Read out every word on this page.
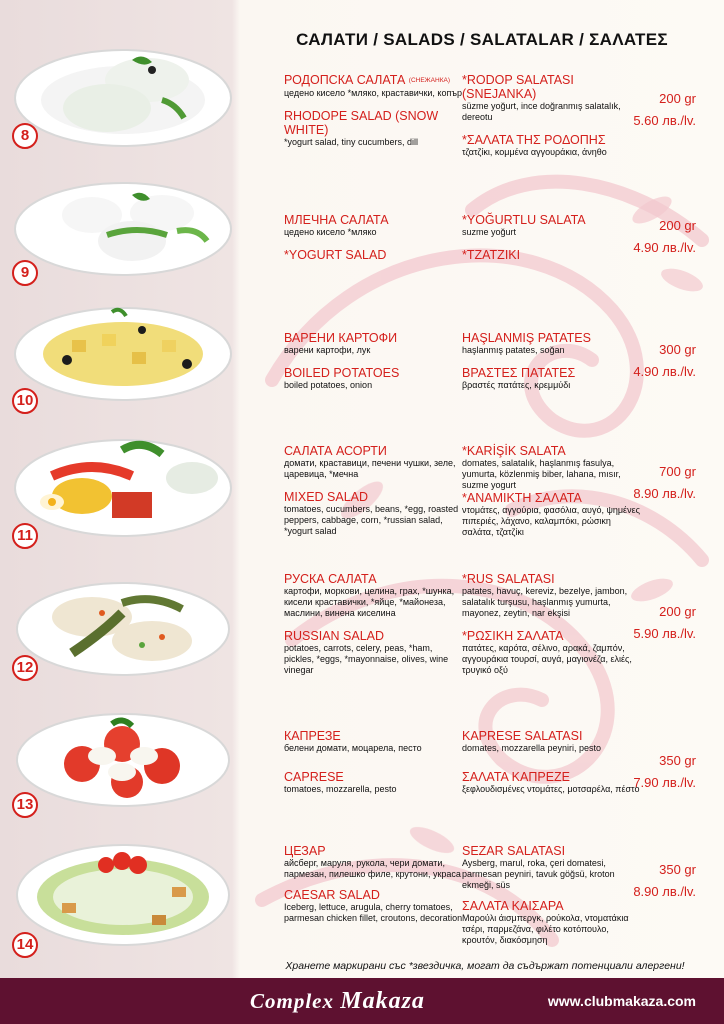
САЛАТИ / SALADS / SALATALAR / ΣΑΛΑΤΕΣ
8
РОДОПСКА САЛАТА (СНЕЖАНКА)
цедено кисело *мляко, краставички, копър
RHODOPE SALAD (SNOW WHITE)
*yogurt salad, tiny cucumbers, dill
*RODOP SALATASI (SNEJANKA)
süzme yoğurt, ince doğranmış salatalık, dereotu
*ΣΑΛΑΤΑ ΤΗΣ ΡΟΔΟΠΗΣ
τζατζίκι, κομμένα αγγουράκια, άνηθο
200 gr
5.60 лв./lv.
9
МЛЕЧНА САЛАТА
цедено кисело *мляко
*YOGURT SALAD
*YOĞURTLU SALATA
suzme yoğurt
*TZATZIKI
200 gr
4.90 лв./lv.
10
ВАРЕНИ КАРТОФИ
варени картофи, лук
BOILED POTATOES
boiled potatoes, onion
HAŞLANMIŞ PATATES
haşlanmış patates, soğan
ΒΡΑΣΤΕΣ ΠΑΤΑΤΕΣ
βραστές πατάτες, κρεμμύδι
300 gr
4.90 лв./lv.
11
САЛАТА АСОРТИ
домати, краставици, печени чушки, зеле, царевица, *мечна
MIXED SALAD
tomatoes, cucumbers, beans, *egg, roasted peppers, cabbage, corn, *russian salad, *yogurt salad
*KARİŞİK SALATA
domates, salatalık, haşlanmış fasulya, yumurta, közlenmiş biber, lahana, mısır, suzme yogurt
*ΑΝΑΜΙΚΤΗ ΣΑΛΑΤΑ
ντομάτες, αγγούρια, φασόλια, αυγό, ψημένες πιπεριές, λάχανο, καλαμπόκι, ρώσικη σαλάτα, τζατζίκι
700 gr
8.90 лв./lv.
12
РУСКА САЛАТА
картофи, моркови, целина, грах, *шунка, кисели краставички, *яйце, *майонеза, маслини, винена киселина
RUSSIAN SALAD
potatoes, carrots, celery, peas, *ham, pickles, *eggs, *mayonnaise, olives, wine vinegar
*RUS SALATASI
patates, havuç, kereviz, bezelye, jambon, salatalık turşusu, haşlanmış yumurta, mayonez, zeytin, nar ekşisi
*ΡΩΣΙΚΗ ΣΑΛΑΤΑ
πατάτες, καρότα, σέλινο, αρακά, ζαμπόν, αγγουράκια τουρσί, αυγά, μαγιονέζα, ελιές, τρυγικό οξύ
200 gr
5.90 лв./lv.
13
КАПРЕЗЕ
белени домати, моцарела, песто
CAPRESE
tomatoes, mozzarella, pesto
KAPRESE SALATASI
domates, mozzarella peyniri, pesto
ΣΑΛΑΤΑ ΚΑΠΡΕΖΕ
ξεφλουδισμένες ντομάτες, μοτσαρέλα, πέστο
350 gr
7.90 лв./lv.
14
ЦЕЗАР
айсберг, маруля, рукола, чери домати, пармезан, пилешко филе, крутони, украса
CAESAR SALAD
Iceberg, lettuce, arugula, cherry tomatoes, parmesan chicken fillet, croutons, decoration
SEZAR SALATASI
Aysberg, marul, roka, çeri domatesi, parmesan peyniri, tavuk göğsü, kroton ekmeği, süs
ΣΑΛΑΤΑ ΚΑΙΣΑΡΑ
Μαρούλι άισμπεργκ, ρούκολα, ντοματάκια τσέρι, παρμεζάνα, φιλέτο κοτόπουλο, κρουτόν, διακόσμηση
350 gr
8.90 лв./lv.
Хранете маркирани със *звездичка, могат да съдържат потенциали алергени!
Complex Makaza	www.clubmakaza.com
